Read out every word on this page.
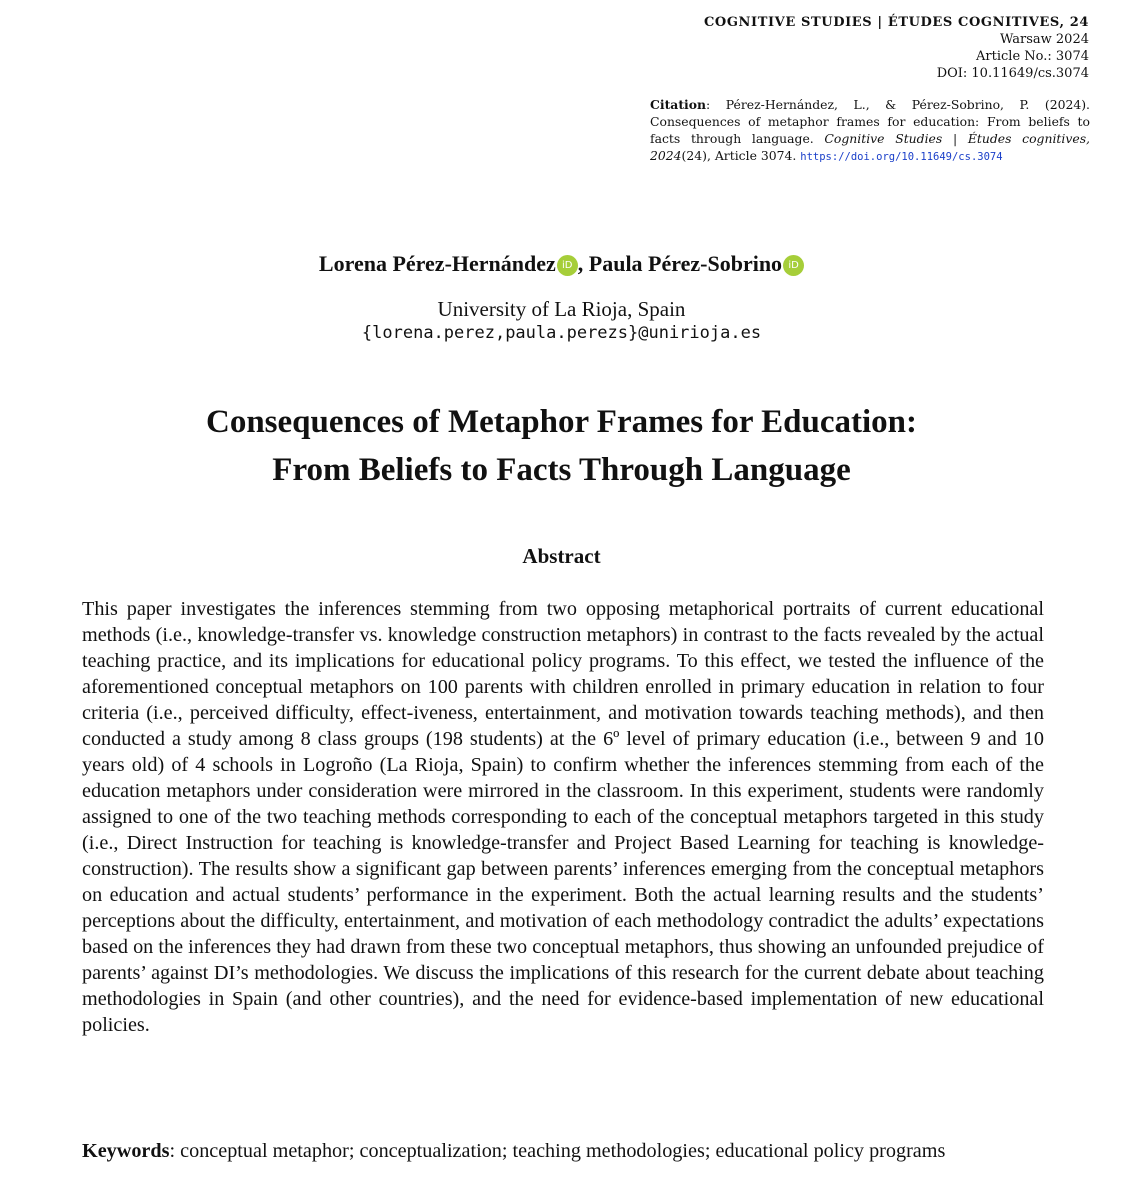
COGNITIVE STUDIES | ÉTUDES COGNITIVES, 24
Warsaw 2024
Article No.: 3074
DOI: 10.11649/cs.3074
Citation: Pérez-Hernández, L., & Pérez-Sobrino, P. (2024). Consequences of metaphor frames for education: From beliefs to facts through language. Cognitive Studies | Études cognitives, 2024(24), Article 3074. https://doi.org/10.11649/cs.3074
Lorena Pérez-Hernández iD , Paula Pérez-Sobrino iD
University of La Rioja, Spain
{lorena.perez,paula.perezs}@unirioja.es
Consequences of Metaphor Frames for Education:
From Beliefs to Facts Through Language
Abstract
This paper investigates the inferences stemming from two opposing metaphorical portraits of current educational methods (i.e., knowledge-transfer vs. knowledge construction metaphors) in contrast to the facts revealed by the actual teaching practice, and its implications for educational policy programs. To this effect, we tested the influence of the aforementioned conceptual metaphors on 100 parents with children enrolled in primary education in relation to four criteria (i.e., perceived difficulty, effect-iveness, entertainment, and motivation towards teaching methods), and then conducted a study among 8 class groups (198 students) at the 6º level of primary education (i.e., between 9 and 10 years old) of 4 schools in Logroño (La Rioja, Spain) to confirm whether the inferences stemming from each of the education metaphors under consideration were mirrored in the classroom. In this experiment, students were randomly assigned to one of the two teaching methods corresponding to each of the conceptual metaphors targeted in this study (i.e., Direct Instruction for teaching is knowledge-transfer and Project Based Learning for teaching is knowledge-construction). The results show a significant gap between parents’ inferences emerging from the conceptual metaphors on education and actual students’ performance in the experiment. Both the actual learning results and the students’ perceptions about the difficulty, entertainment, and motivation of each methodology contradict the adults’ expectations based on the inferences they had drawn from these two conceptual metaphors, thus showing an unfounded prejudice of parents’ against DI’s methodologies. We discuss the implications of this research for the current debate about teaching methodologies in Spain (and other countries), and the need for evidence-based implementation of new educational policies.
Keywords: conceptual metaphor; conceptualization; teaching methodologies; educational policy programs
